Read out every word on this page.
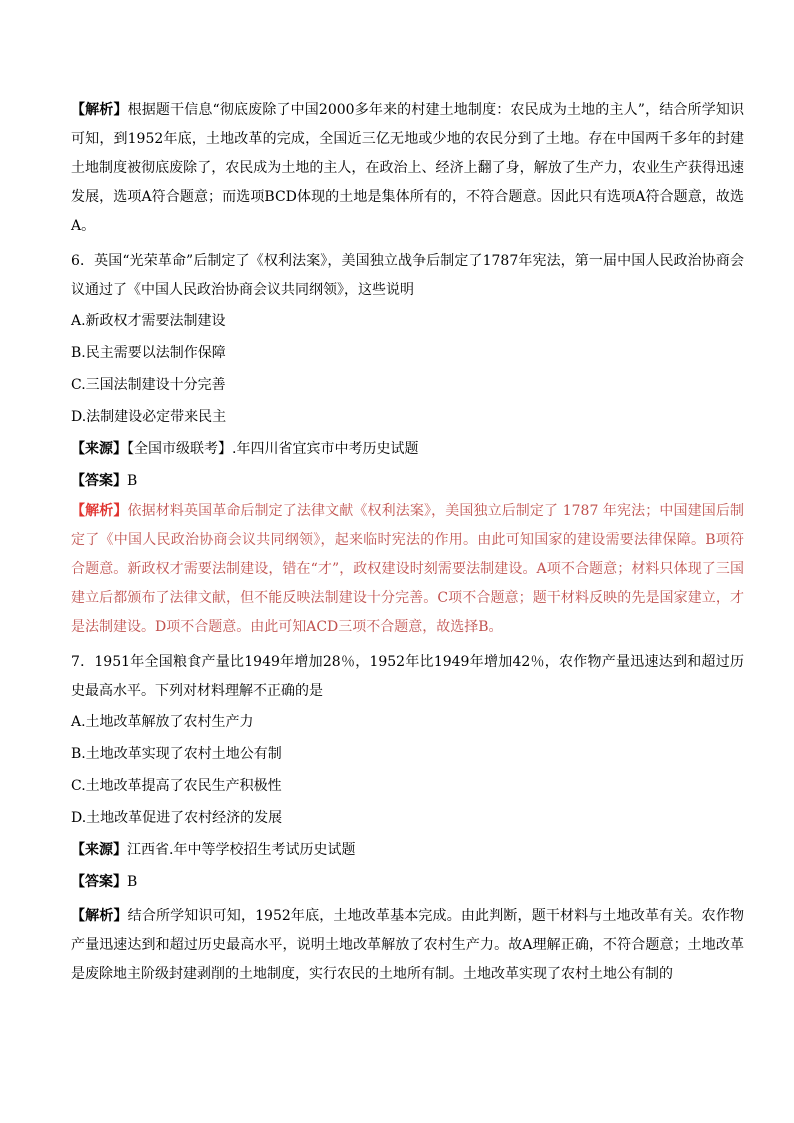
【解析】根据题干信息“彻底废除了中国2000多年来的村建土地制度：农民成为土地的主人”，结合所学知识可知，到1952年底，土地改革的完成，全国近三亿无地或少地的农民分到了土地。存在中国两千多年的封建土地制度被彻底废除了，农民成为土地的主人，在政治上、经济上翻了身，解放了生产力，农业生产获得迅速发展，选项A符合题意；而选项BCD体现的土地是集体所有的，不符合题意。因此只有选项A符合题意，故选A。

6．英国“光荣革命”后制定了《权利法案》，美国独立战争后制定了1787年宪法，第一届中国人民政治协商会议通过了《中国人民政治协商会议共同纲领》，这些说明

A.新政权才需要法制建设

B.民主需要以法制作保障

C.三国法制建设十分完善

D.法制建设必定带来民主

【来源】【全国市级联考】.年四川省宜宾市中考历史试题

【答案】B

【解析】依据材料英国革命后制定了法律文献《权利法案》，美国独立后制定了 1787 年宪法；中国建国后制定了《中国人民政治协商会议共同纲领》，起来临时宪法的作用。由此可知国家的建设需要法律保障。B项符合题意。新政权才需要法制建设，错在“才”，政权建设时刻需要法制建设。A项不合题意；材料只体现了三国建立后都颁布了法律文献，但不能反映法制建设十分完善。C项不合题意；题干材料反映的先是国家建立，才是法制建设。D项不合题意。由此可知ACD三项不合题意，故选择B。

7．1951年全国粮食产量比1949年增加28％，1952年比1949年增加42％，农作物产量迅速达到和超过历史最高水平。下列对材料理解不正确的是

A.土地改革解放了农村生产力

B.土地改革实现了农村土地公有制

C.土地改革提高了农民生产积极性

D.土地改革促进了农村经济的发展

【来源】江西省.年中等学校招生考试历史试题

【答案】B

【解析】结合所学知识可知，1952年底，土地改革基本完成。由此判断，题干材料与土地改革有关。农作物产量迅速达到和超过历史最高水平，说明土地改革解放了农村生产力。故A理解正确，不符合题意；土地改革是废除地主阶级封建剥削的土地制度，实行农民的土地所有制。土地改革实现了农村土地公有制的
